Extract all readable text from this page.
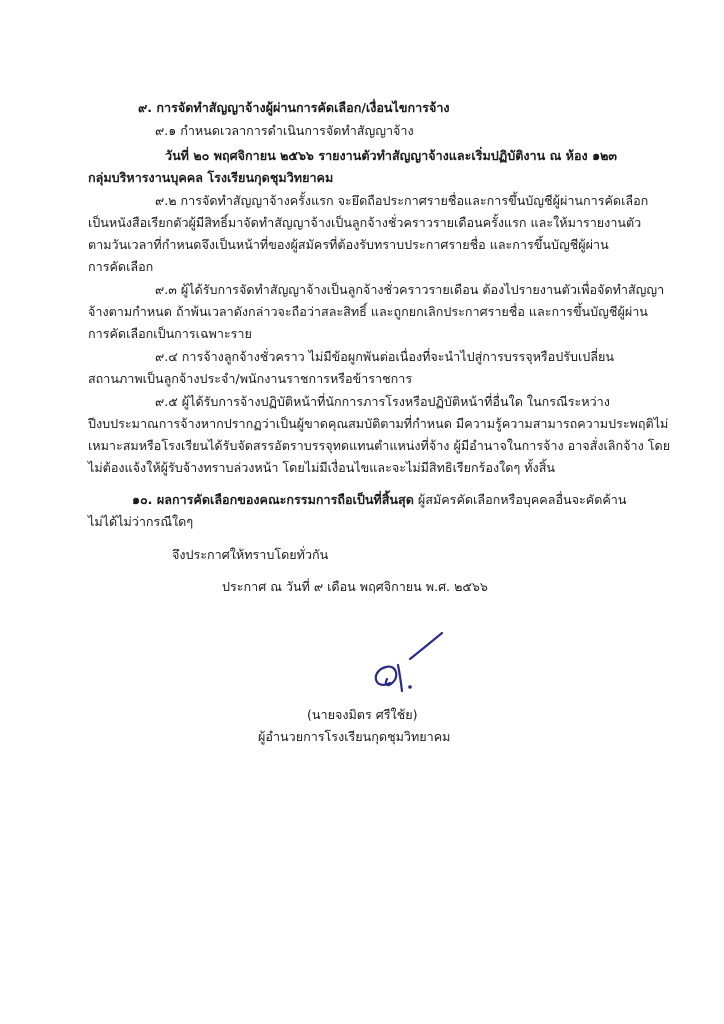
๙. การจัดทำสัญญาจ้างผู้ผ่านการคัดเลือก/เงื่อนไขการจ้าง
๙.๑ กำหนดเวลาการดำเนินการจัดทำสัญญาจ้าง
วันที่ ๒๐ พฤศจิกายน ๒๕๖๖ รายงานตัวทำสัญญาจ้างและเริ่มปฏิบัติงาน ณ ห้อง ๑๒๓
กลุ่มบริหารงานบุคคล โรงเรียนกุดชุมวิทยาคม
๙.๒ การจัดทำสัญญาจ้างครั้งแรก จะยึดถือประกาศรายชื่อและการขึ้นบัญชีผู้ผ่านการคัดเลือก
เป็นหนังสือเรียกตัวผู้มีสิทธิ์มาจัดทำสัญญาจ้างเป็นลูกจ้างชั่วคราวรายเดือนครั้งแรก และให้มารายงานตัว
ตามวันเวลาที่กำหนดจึงเป็นหน้าที่ของผู้สมัครที่ต้องรับทราบประกาศรายชื่อ และการขึ้นบัญชีผู้ผ่าน
การคัดเลือก
๙.๓ ผู้ได้รับการจัดทำสัญญาจ้างเป็นลูกจ้างชั่วคราวรายเดือน ต้องไปรายงานตัวเพื่อจัดทำสัญญา
จ้างตามกำหนด ถ้าพ้นเวลาดังกล่าวจะถือว่าสละสิทธิ์ และถูกยกเลิกประกาศรายชื่อ และการขึ้นบัญชีผู้ผ่าน
การคัดเลือกเป็นการเฉพาะราย
๙.๔ การจ้างลูกจ้างชั่วคราว ไม่มีข้อผูกพันต่อเนื่องที่จะนำไปสู่การบรรจุหรือปรับเปลี่ยน
สถานภาพเป็นลูกจ้างประจำ/พนักงานราชการหรือข้าราชการ
๙.๕ ผู้ได้รับการจ้างปฏิบัติหน้าที่นักการภารโรงหรือปฏิบัติหน้าที่อื่นใด ในกรณีระหว่าง
ปีงบประมาณการจ้างหากปรากฏว่าเป็นผู้ขาดคุณสมบัติตามที่กำหนด มีความรู้ความสามารถความประพฤติไม่
เหมาะสมหรือโรงเรียนได้รับจัดสรรอัตราบรรจุทดแทนตำแหน่งที่จ้าง ผู้มีอำนาจในการจ้าง อาจสั่งเลิกจ้าง โดย
ไม่ต้องแจ้งให้ผู้รับจ้างทราบล่วงหน้า โดยไม่มีเงื่อนไขและจะไม่มีสิทธิเรียกร้องใดๆ ทั้งสิ้น
๑๐. ผลการคัดเลือกของคณะกรรมการถือเป็นที่สิ้นสุด ผู้สมัครคัดเลือกหรือบุคคลอื่นจะคัดค้าน
ไม่ได้ไม่ว่ากรณีใดๆ
จึงประกาศให้ทราบโดยทั่วกัน
ประกาศ ณ วันที่ ๙ เดือน พฤศจิกายน พ.ศ. ๒๕๖๖
(นายจงมิตร ศรีใช้ย)
ผู้อำนวยการโรงเรียนกุดชุมวิทยาคม
